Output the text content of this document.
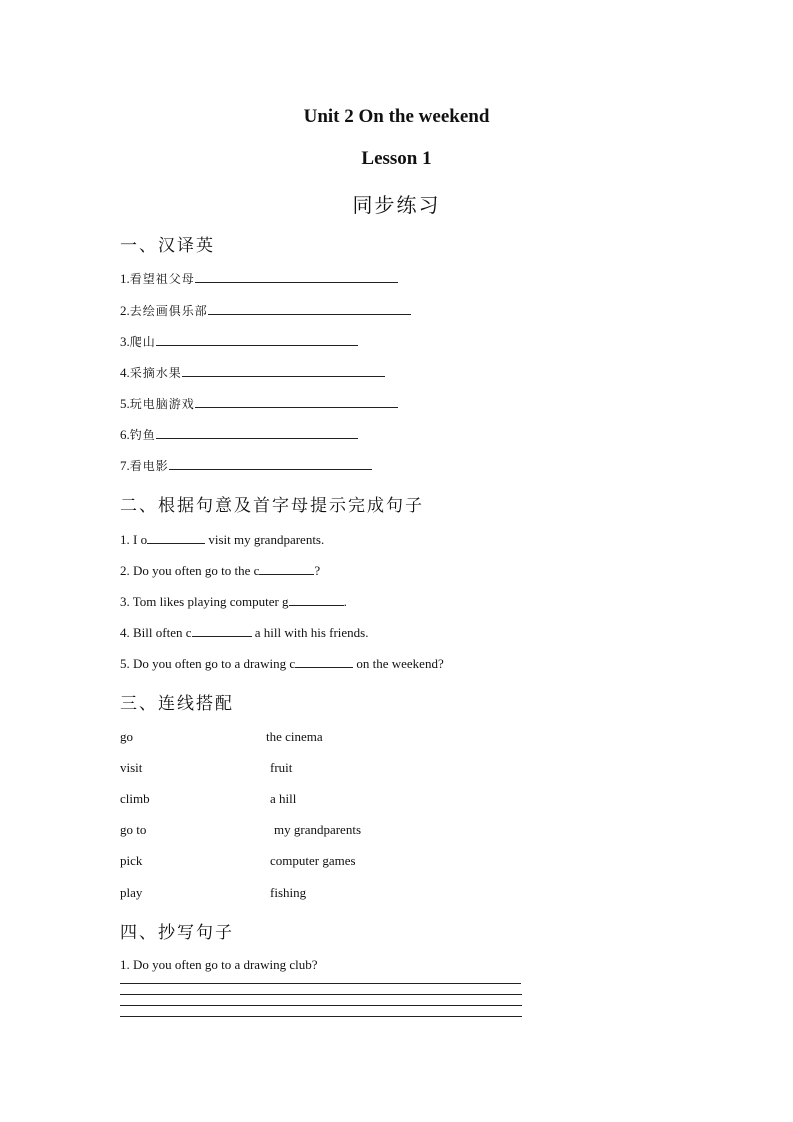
Unit 2 On the weekend
Lesson 1
同步练习
一、汉译英
1.看望祖父母
2.去绘画俱乐部
3.爬山
4.采摘水果
5.玩电脑游戏
6.钓鱼
7.看电影
二、根据句意及首字母提示完成句子
1. I o	visit my grandparents.
2. Do you often go to the c	?
3. Tom likes playing computer g	.
4. Bill often c	a hill with his friends.
5. Do you often go to a drawing c	on the weekend?
三、连线搭配
go	the cinema
visit	fruit
climb	a hill
go to	my grandparents
pick	computer games
play	fishing
四、抄写句子
1. Do you often go to a drawing club?
